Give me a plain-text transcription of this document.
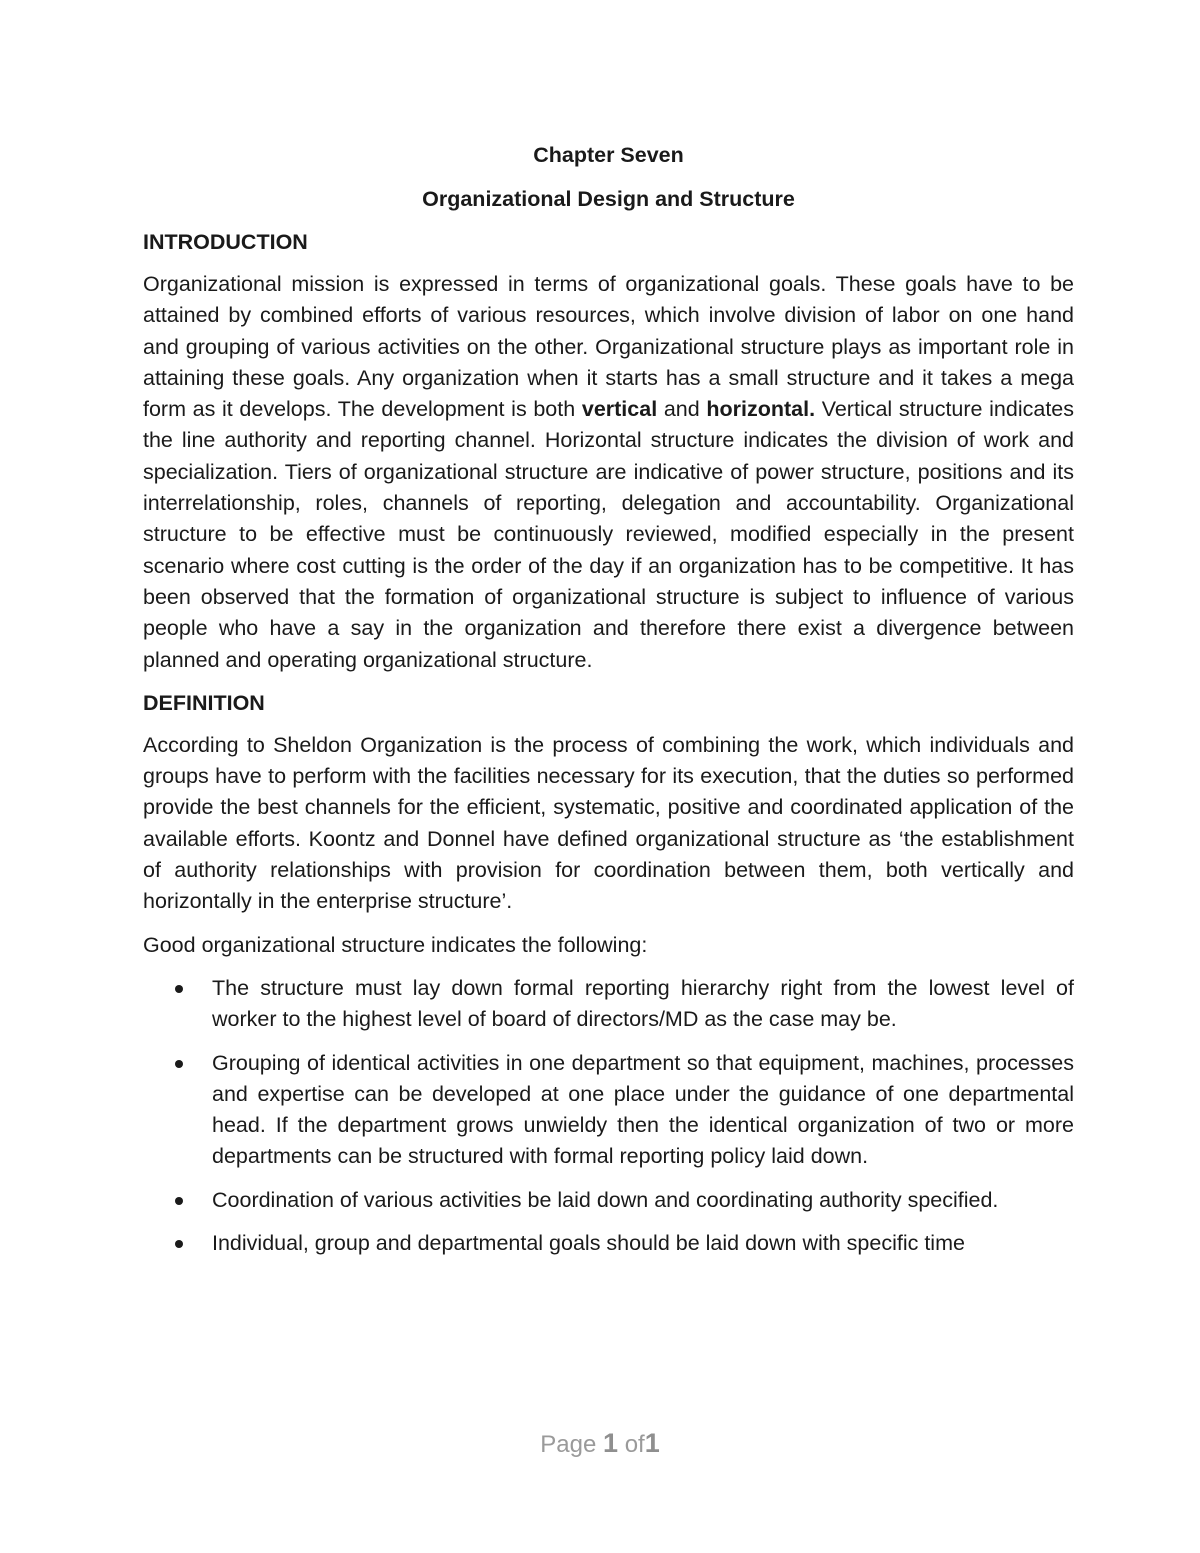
Chapter Seven

Organizational Design and Structure

INTRODUCTION

Organizational mission is expressed in terms of organizational goals. These goals have to be attained by combined efforts of various resources, which involve division of labor on one hand and grouping of various activities on the other. Organizational structure plays as important role in attaining these goals. Any organization when it starts has a small structure and it takes a mega form as it develops. The development is both vertical and horizontal. Vertical structure indicates the line authority and reporting channel. Horizontal structure indicates the division of work and specialization. Tiers of organizational structure are indicative of power structure, positions and its interrelationship, roles, channels of reporting, delegation and accountability. Organizational structure to be effective must be continuously reviewed, modified especially in the present scenario where cost cutting is the order of the day if an organization has to be competitive. It has been observed that the formation of organizational structure is subject to influence of various people who have a say in the organization and therefore there exist a divergence between planned and operating organizational structure.

DEFINITION

According to Sheldon Organization is the process of combining the work, which individuals and groups have to perform with the facilities necessary for its execution, that the duties so performed provide the best channels for the efficient, systematic, positive and coordinated application of the available efforts. Koontz and Donnel have defined organizational structure as ‘the establishment of authority relationships with provision for coordination between them, both vertically and horizontally in the enterprise structure’.

Good organizational structure indicates the following:

The structure must lay down formal reporting hierarchy right from the lowest level of worker to the highest level of board of directors/MD as the case may be.
Grouping of identical activities in one department so that equipment, machines, processes and expertise can be developed at one place under the guidance of one departmental head. If the department grows unwieldy then the identical organization of two or more departments can be structured with formal reporting policy laid down.
Coordination of various activities be laid down and coordinating authority specified.
Individual, group and departmental goals should be laid down with specific time
Page 1 of1
